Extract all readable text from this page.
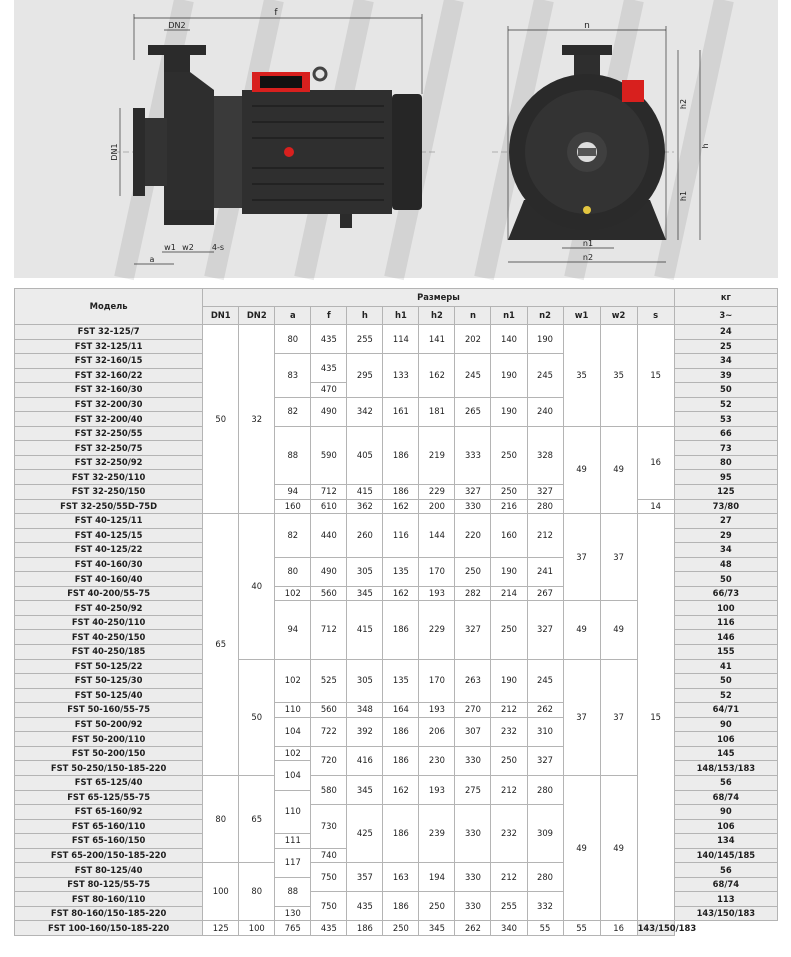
f
DN2
DN1
a
w1 w2 4-s
n
h
h2
h1
n1
n2
Модель	Размеры													кг
	DN1	DN2	a	f	h	h1	h2	n	n1	n2	w1	w2	s	3~
FST 32-125/7	50	32	80	435	255	114	141	202	140	190	35	35	15	24
FST 32-125/11														25
FST 32-160/15			83	435	295	133	162	245	190	245				34
FST 32-160/22														39
FST 32-160/30				470										50
FST 32-200/30			82	490	342	161	181	265	190	240				52
FST 32-200/40														53
FST 32-250/55			88	590	405	186	219	333	250	328	49	49	16	66
FST 32-250/75														73
FST 32-250/92														80
FST 32-250/110														95
FST 32-250/150			94	712	415	186	229	327	250	327				125
FST 32-250/55D-75D			160	610	362	162	200	330	216	280			14	73/80
FST 40-125/11	65	40	82	440	260	116	144	220	160	212	37	37	15	27
FST 40-125/15														29
FST 40-125/22														34
FST 40-160/30			80	490	305	135	170	250	190	241				48
FST 40-160/40														50
FST 40-200/55-75			102	560	345	162	193	282	214	267				66/73
FST 40-250/92			94	712	415	186	229	327	250	327	49	49		100
FST 40-250/110														116
FST 40-250/150														146
FST 40-250/185														155
FST 50-125/22		50	102	525	305	135	170	263	190	245	37	37		41
FST 50-125/30														50
FST 50-125/40														52
FST 50-160/55-75			110	560	348	164	193	270	212	262				64/71
FST 50-200/92			104	722	392	186	206	307	232	310				90
FST 50-200/110														106
FST 50-200/150			102	720	416	186	230	330	250	327				145
FST 50-250/150-185-220			104											148/153/183
FST 65-125/40	80	65		580	345	162	193	275	212	280	49	49		56
FST 65-125/55-75			110											68/74
FST 65-160/92				730	425	186	239	330	232	309				90
FST 65-160/110														106
FST 65-160/150			111											134
FST 65-200/150-185-220			117	740										140/145/185
FST 80-125/40	100	80		750	357	163	194	330	212	280				56
FST 80-125/55-75			88											68/74
FST 80-160/110				750	435	186	250	330	255	332				113
FST 80-160/150-185-220			130											143/150/183
FST 100-160/150-185-220	125	100	765	435	186	250	345	262	340	55	55	16	143/150/183	
